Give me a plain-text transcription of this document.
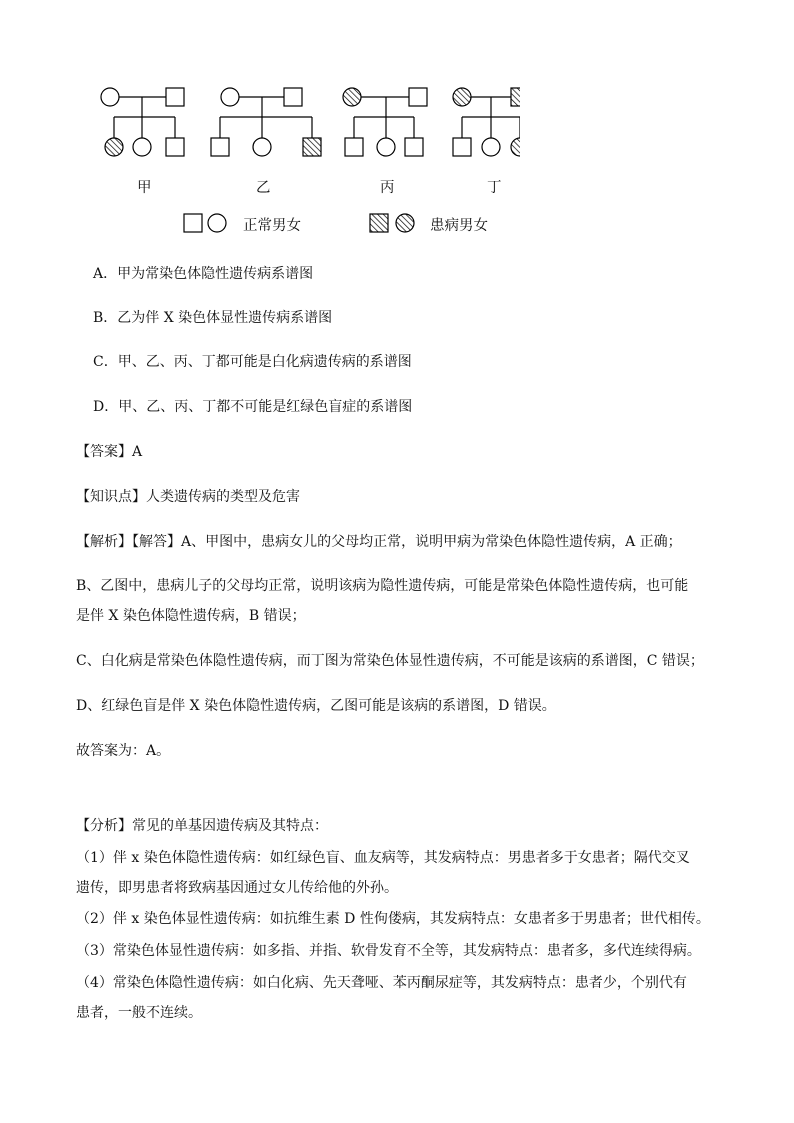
甲	乙	丙	丁
正常男女	患病男女
A．甲为常染色体隐性遗传病系谱图
B．乙为伴 X 染色体显性遗传病系谱图
C．甲、乙、丙、丁都可能是白化病遗传病的系谱图
D．甲、乙、丙、丁都不可能是红绿色盲症的系谱图
【答案】A
【知识点】人类遗传病的类型及危害
【解析】【解答】A、甲图中，患病女儿的父母均正常，说明甲病为常染色体隐性遗传病，A 正确；
B、乙图中，患病儿子的父母均正常，说明该病为隐性遗传病，可能是常染色体隐性遗传病，也可能
是伴 X 染色体隐性遗传病，B 错误；
C、白化病是常染色体隐性遗传病，而丁图为常染色体显性遗传病，不可能是该病的系谱图，C 错误；
D、红绿色盲是伴 X 染色体隐性遗传病，乙图可能是该病的系谱图，D 错误。
故答案为：A。
【分析】常见的单基因遗传病及其特点：
（1）伴 x 染色体隐性遗传病：如红绿色盲、血友病等，其发病特点：男患者多于女患者；隔代交叉
遗传，即男患者将致病基因通过女儿传给他的外孙。
（2）伴 x 染色体显性遗传病：如抗维生素 D 性佝偻病，其发病特点：女患者多于男患者；世代相传。
（3）常染色体显性遗传病：如多指、并指、软骨发育不全等，其发病特点：患者多，多代连续得病。
（4）常染色体隐性遗传病：如白化病、先天聋哑、苯丙酮尿症等，其发病特点：患者少，个别代有
患者，一般不连续。
